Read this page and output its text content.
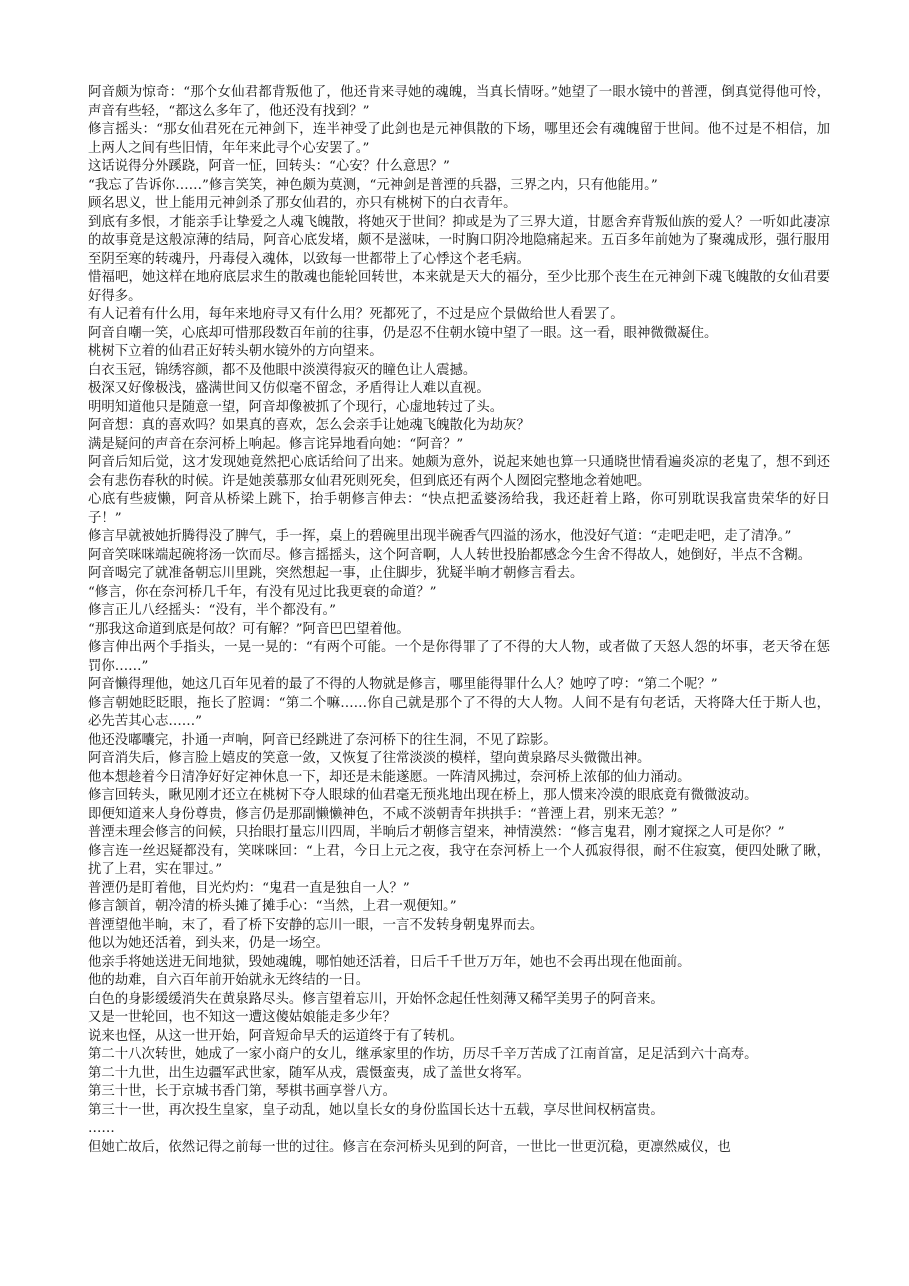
阿音颇为惊奇：“那个女仙君都背叛他了，他还肯来寻她的魂魄，当真长情呀。”她望了一眼水镜中的普湮，倒真觉得他可怜，声音有些轻，“都这么多年了，他还没有找到？”

修言摇头：“那女仙君死在元神剑下，连半神受了此剑也是元神俱散的下场，哪里还会有魂魄留于世间。他不过是不相信，加上两人之间有些旧情，年年来此寻个心安罢了。”

这话说得分外蹊跷，阿音一怔，回转头：“心安？什么意思？”

“我忘了告诉你……”修言笑笑，神色颇为莫测，“元神剑是普湮的兵器，三界之内，只有他能用。”

顾名思义，世上能用元神剑杀了那女仙君的，亦只有桃树下的白衣青年。

到底有多恨，才能亲手让挚爱之人魂飞魄散，将她灭于世间？抑或是为了三界大道，甘愿舍弃背叛仙族的爱人？一听如此凄凉的故事竟是这般凉薄的结局，阿音心底发堵，颇不是滋味，一时胸口阴冷地隐痛起来。五百多年前她为了聚魂成形，强行服用至阴至寒的转魂丹，丹毒侵入魂体，以致每一世都带上了心悸这个老毛病。

惜福吧，她这样在地府底层求生的散魂也能轮回转世，本来就是天大的福分，至少比那个丧生在元神剑下魂飞魄散的女仙君要好得多。

有人记着有什么用，每年来地府寻又有什么用？死都死了，不过是应个景做给世人看罢了。

阿音自嘲一笑，心底却可惜那段数百年前的往事，仍是忍不住朝水镜中望了一眼。这一看，眼神微微凝住。

桃树下立着的仙君正好转头朝水镜外的方向望来。

白衣玉冠，锦绣容颜，都不及他眼中淡漠得寂灭的瞳色让人震撼。

极深又好像极浅，盛满世间又仿似毫不留念，矛盾得让人难以直视。

明明知道他只是随意一望，阿音却像被抓了个现行，心虚地转过了头。

阿音想：真的喜欢吗？如果真的喜欢，怎么会亲手让她魂飞魄散化为劫灰？

满是疑问的声音在奈河桥上响起。修言诧异地看向她：“阿音？”

阿音后知后觉，这才发现她竟然把心底话给问了出来。她颇为意外，说起来她也算一只通晓世情看遍炎凉的老鬼了，想不到还会有悲伤春秋的时候。许是她羡慕那女仙君死则死矣，但到底还有两个人囫囵完整地念着她吧。

心底有些疲懒，阿音从桥梁上跳下，抬手朝修言伸去：“快点把孟婆汤给我，我还赶着上路，你可别耽误我富贵荣华的好日子！”

修言早就被她折腾得没了脾气，手一挥，桌上的碧碗里出现半碗香气四溢的汤水，他没好气道：“走吧走吧，走了清净。”

阿音笑咪咪端起碗将汤一饮而尽。修言摇摇头，这个阿音啊，人人转世投胎都感念今生舍不得故人，她倒好，半点不含糊。

阿音喝完了就准备朝忘川里跳，突然想起一事，止住脚步，犹疑半晌才朝修言看去。

“修言，你在奈河桥几千年，有没有见过比我更衰的命道？”

修言正儿八经摇头：“没有，半个都没有。”

“那我这命道到底是何故？可有解？”阿音巴巴望着他。

修言伸出两个手指头，一晃一晃的：“有两个可能。一个是你得罪了了不得的大人物，或者做了天怒人怨的坏事，老天爷在惩罚你……”

阿音懒得理他，她这几百年见着的最了不得的人物就是修言，哪里能得罪什么人？她哼了哼：“第二个呢？”

修言朝她眨眨眼，拖长了腔调：“第二个嘛……你自己就是那个了不得的大人物。人间不是有句老话，天将降大任于斯人也，必先苦其心志……”

他还没嘟囔完，扑通一声响，阿音已经跳进了奈河桥下的往生洞，不见了踪影。

阿音消失后，修言脸上嬉皮的笑意一敛，又恢复了往常淡淡的模样，望向黄泉路尽头微微出神。

他本想趁着今日清净好好定神休息一下，却还是未能遂愿。一阵清风拂过，奈河桥上浓郁的仙力涌动。

修言回转头，瞅见刚才还立在桃树下夺人眼球的仙君毫无预兆地出现在桥上，那人惯来冷漠的眼底竟有微微波动。

即便知道来人身份尊贵，修言仍是那副懒懒神色，不咸不淡朝青年拱拱手：“普湮上君，别来无恙？”

普湮未理会修言的问候，只抬眼打量忘川四周，半晌后才朝修言望来，神情漠然：“修言鬼君，刚才窥探之人可是你？”

修言连一丝迟疑都没有，笑咪咪回：“上君，今日上元之夜，我守在奈河桥上一个人孤寂得很，耐不住寂寞，便四处瞅了瞅，扰了上君，实在罪过。”

普湮仍是盯着他，目光灼灼：“鬼君一直是独自一人？”

修言颔首，朝冷清的桥头摊了摊手心：“当然，上君一观便知。”

普湮望他半晌，末了，看了桥下安静的忘川一眼，一言不发转身朝鬼界而去。

他以为她还活着，到头来，仍是一场空。

他亲手将她送进无间地狱，毁她魂魄，哪怕她还活着，日后千千世万万年，她也不会再出现在他面前。

他的劫难，自六百年前开始就永无终结的一日。

白色的身影缓缓消失在黄泉路尽头。修言望着忘川，开始怀念起任性刻薄又稀罕美男子的阿音来。

又是一世轮回，也不知这一遭这傻姑娘能走多少年？

说来也怪，从这一世开始，阿音短命早夭的运道终于有了转机。

第二十八次转世，她成了一家小商户的女儿，继承家里的作坊，历尽千辛万苦成了江南首富，足足活到六十高寿。

第二十九世，出生边疆军武世家，随军从戎，震慑蛮夷，成了盖世女将军。

第三十世，长于京城书香门第，琴棋书画享誉八方。

第三十一世，再次投生皇家，皇子动乱，她以皇长女的身份监国长达十五载，享尽世间权柄富贵。

……

但她亡故后，依然记得之前每一世的过往。修言在奈河桥头见到的阿音，一世比一世更沉稳，更凛然威仪，也
